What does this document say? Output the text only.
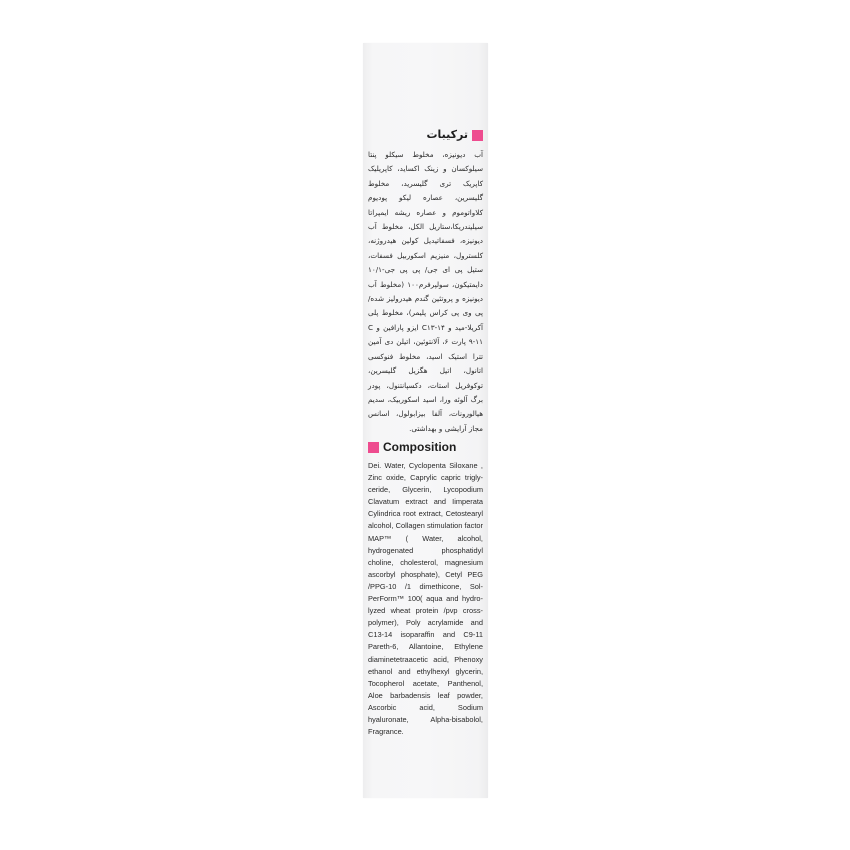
ترکیبات
آب دیونیزه، مخلوط سیکلو پنتا سیلوکسان و زینک اکساید، کاپریلیک کاپریک تری گلیسرید، مخلوط گلیسرین، عصاره لیکو پودیوم کلاواتوموم و عصاره ریشه ایمپراتا سیلیندریکا،ستاریل الکل، مخلوط آب دیونیزه، فسفاتیدیل کولین هیدروژنه، کلسترول، منیزیم اسکوربیل فسفات، ستیل پی ای جی/ پی پی جی-۱۰/۱ دایمتیکون، سولپرفرم۱۰۰ (مخلوط آب دیونیزه و پروتئین گندم هیدرولیز شده/ پی وی پی کراس پلیمر)، مخلوط پلی آکریلا-مید و C۱۳-۱۴ ایزو پارافین و C ۹-۱۱ پارت ۶، آلانتوئین، اتیلن دی آمین تترا استیک اسید، مخلوط فنوکسی اتانول، اتیل هگزیل گلیسرین، توکوفریل استات، دکسپانتنول، پودر برگ آلوئه ورا، اسید اسکوربیک، سدیم هیالورونات، آلفا بیزابولول، اسانس مجاز آرایشی و بهداشتی.
Composition
Dei. Water, Cyclopenta Siloxane , Zinc oxide, Caprylic capric trigly-ceride, Glycerin, Lycopodium Clavatum extract and Iimperata Cylindrica root extract, Cetostearyl alcohol, Collagen stimulation factor MAP™ ( Water, alcohol, hydrogenated phosphatidyl choline, cholesterol, magnesium ascorbyl phosphate), Cetyl PEG /PPG-10 /1 dimethicone, Sol-PerForm™ 100( aqua and hydro-lyzed wheat protein /pvp cross-polymer), Poly acrylamide and C13-14 isoparaffin and C9-11 Pareth-6, Allantoine, Ethylene diaminetetraacetic acid, Phenoxy ethanol and ethylhexyl glycerin, Tocopherol acetate, Panthenol, Aloe barbadensis leaf powder, Ascorbic acid, Sodium hyaluronate, Alpha-bisabolol, Fragrance.
